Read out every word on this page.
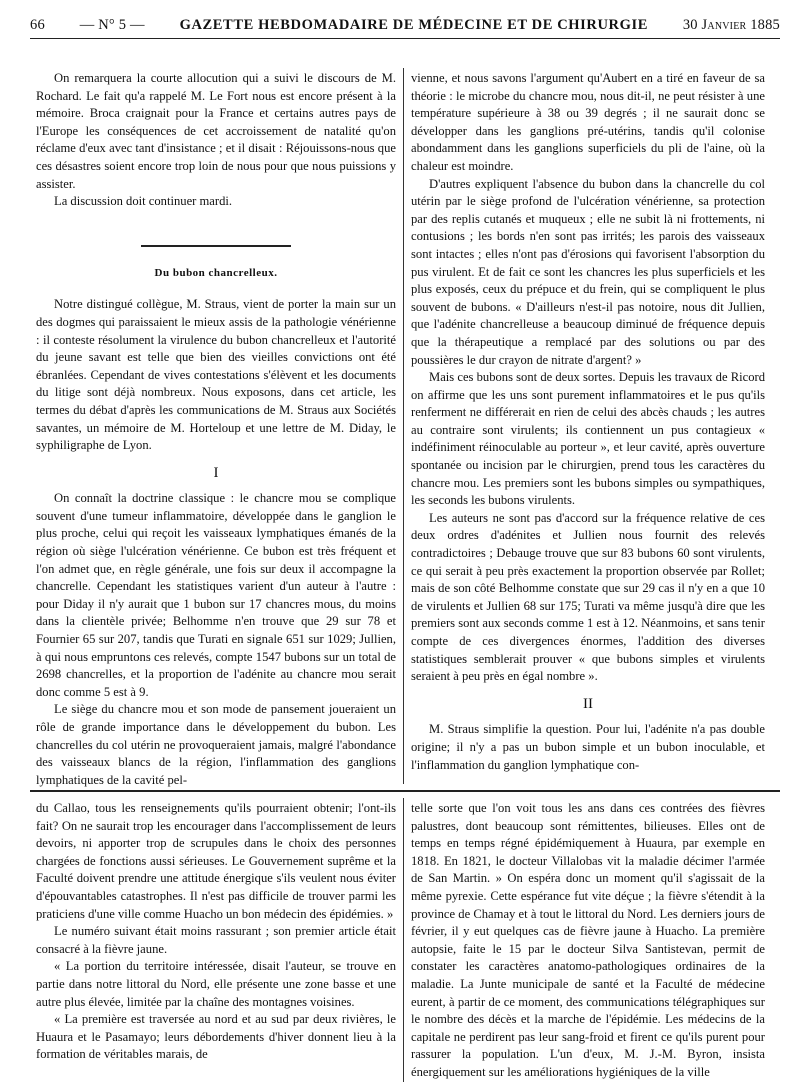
66 — N° 5 — GAZETTE HEBDOMADAIRE DE MÉDECINE ET DE CHIRURGIE 30 Janvier 1885

On remarquera la courte allocution qui a suivi le discours de M. Rochard. Le fait qu'a rappelé M. Le Fort nous est encore présent à la mémoire. Broca craignait pour la France et certains autres pays de l'Europe les conséquences de cet accroissement de natalité qu'on réclame d'eux avec tant d'insistance ; et il disait : Réjouissons-nous que ces désastres soient encore trop loin de nous pour que nous puissions y assister.

La discussion doit continuer mardi.

Du bubon chancrelleux.

Notre distingué collègue, M. Straus, vient de porter la main sur un des dogmes qui paraissaient le mieux assis de la pathologie vénérienne : il conteste résolument la virulence du bubon chancrelleux et l'autorité du jeune savant est telle que bien des vieilles convictions ont été ébranlées. Cependant de vives contestations s'élèvent et les documents du litige sont déjà nombreux. Nous exposons, dans cet article, les termes du débat d'après les communications de M. Straus aux Sociétés savantes, un mémoire de M. Horteloup et une lettre de M. Diday, le syphiligraphe de Lyon.

I

On connaît la doctrine classique : le chancre mou se complique souvent d'une tumeur inflammatoire, développée dans le ganglion le plus proche, celui qui reçoit les vaisseaux lymphatiques émanés de la région où siège l'ulcération vénérienne. Ce bubon est très fréquent et l'on admet que, en règle générale, une fois sur deux il accompagne la chancrelle. Cependant les statistiques varient d'un auteur à l'autre : pour Diday il n'y aurait que 1 bubon sur 17 chancres mous, du moins dans la clientèle privée; Belhomme n'en trouve que 29 sur 78 et Fournier 65 sur 207, tandis que Turati en signale 651 sur 1029; Jullien, à qui nous empruntons ces relevés, compte 1547 bubons sur un total de 2698 chancrelles, et la proportion de l'adénite au chancre mou serait donc comme 5 est à 9.

Le siège du chancre mou et son mode de pansement joueraient un rôle de grande importance dans le développement du bubon. Les chancrelles du col utérin ne provoqueraient jamais, malgré l'abondance des vaisseaux blancs de la région, l'inflammation des ganglions lymphatiques de la cavité pel-

vienne, et nous savons l'argument qu'Aubert en a tiré en faveur de sa théorie : le microbe du chancre mou, nous dit-il, ne peut résister à une température supérieure à 38 ou 39 degrés ; il ne saurait donc se développer dans les ganglions pré-utérins, tandis qu'il colonise abondamment dans les ganglions superficiels du pli de l'aine, où la chaleur est moindre.

D'autres expliquent l'absence du bubon dans la chancrelle du col utérin par le siège profond de l'ulcération vénérienne, sa protection par des replis cutanés et muqueux ; elle ne subit là ni frottements, ni contusions ; les bords n'en sont pas irrités; les parois des vaisseaux sont intactes ; elles n'ont pas d'érosions qui favorisent l'absorption du pus virulent. Et de fait ce sont les chancres les plus superficiels et les plus exposés, ceux du prépuce et du frein, qui se compliquent le plus souvent de bubons. « D'ailleurs n'est-il pas notoire, nous dit Jullien, que l'adénite chancrelleuse a beaucoup diminué de fréquence depuis que la thérapeutique a remplacé par des solutions ou par des poussières le dur crayon de nitrate d'argent? »

Mais ces bubons sont de deux sortes. Depuis les travaux de Ricord on affirme que les uns sont purement inflammatoires et le pus qu'ils renferment ne différerait en rien de celui des abcès chauds ; les autres au contraire sont virulents; ils contiennent un pus contagieux « indéfiniment réinoculable au porteur », et leur cavité, après ouverture spontanée ou incision par le chirurgien, prend tous les caractères du chancre mou. Les premiers sont les bubons simples ou sympathiques, les seconds les bubons virulents.

Les auteurs ne sont pas d'accord sur la fréquence relative de ces deux ordres d'adénites et Jullien nous fournit des relevés contradictoires ; Debauge trouve que sur 83 bubons 60 sont virulents, ce qui serait à peu près exactement la proportion observée par Rollet; mais de son côté Belhomme constate que sur 29 cas il n'y en a que 10 de virulents et Jullien 68 sur 175; Turati va même jusqu'à dire que les premiers sont aux seconds comme 1 est à 12. Néanmoins, et sans tenir compte de ces divergences énormes, l'addition des diverses statistiques semblerait prouver « que bubons simples et virulents seraient à peu près en égal nombre ».

II

M. Straus simplifie la question. Pour lui, l'adénite n'a pas double origine; il n'y a pas un bubon simple et un bubon inoculable, et l'inflammation du ganglion lymphatique con-

du Callao, tous les renseignements qu'ils pourraient obtenir; l'ont-ils fait? On ne saurait trop les encourager dans l'accomplissement de leurs devoirs, ni apporter trop de scrupules dans le choix des personnes chargées de fonctions aussi sérieuses. Le Gouvernement suprême et la Faculté doivent prendre une attitude énergique s'ils veulent nous éviter d'épouvantables catastrophes. Il n'est pas difficile de trouver parmi les praticiens d'une ville comme Huacho un bon médecin des épidémies. »

Le numéro suivant était moins rassurant ; son premier article était consacré à la fièvre jaune.

« La portion du territoire intéressée, disait l'auteur, se trouve en partie dans notre littoral du Nord, elle présente une zone basse et une autre plus élevée, limitée par la chaîne des montagnes voisines.

« La première est traversée au nord et au sud par deux rivières, le Huaura et le Pasamayo; leurs débordements d'hiver donnent lieu à la formation de véritables marais, de

telle sorte que l'on voit tous les ans dans ces contrées des fièvres palustres, dont beaucoup sont rémittentes, bilieuses. Elles ont de temps en temps régné épidémiquement à Huaura, par exemple en 1818. En 1821, le docteur Villalobas vit la maladie décimer l'armée de San Martin. » On espéra donc un moment qu'il s'agissait de la même pyrexie. Cette espérance fut vite déçue ; la fièvre s'étendit à la province de Chamay et à tout le littoral du Nord. Les derniers jours de février, il y eut quelques cas de fièvre jaune à Huacho. La première autopsie, faite le 15 par le docteur Silva Santistevan, permit de constater les caractères anatomo-pathologiques ordinaires de la maladie. La Junte municipale de santé et la Faculté de médecine eurent, à partir de ce moment, des communications télégraphiques sur le nombre des décès et la marche de l'épidémie. Les médecins de la capitale ne perdirent pas leur sang-froid et firent ce qu'ils purent pour rassurer la population. L'un d'eux, M. J.-M. Byron, insista énergiquement sur les améliorations hygiéniques de la ville
